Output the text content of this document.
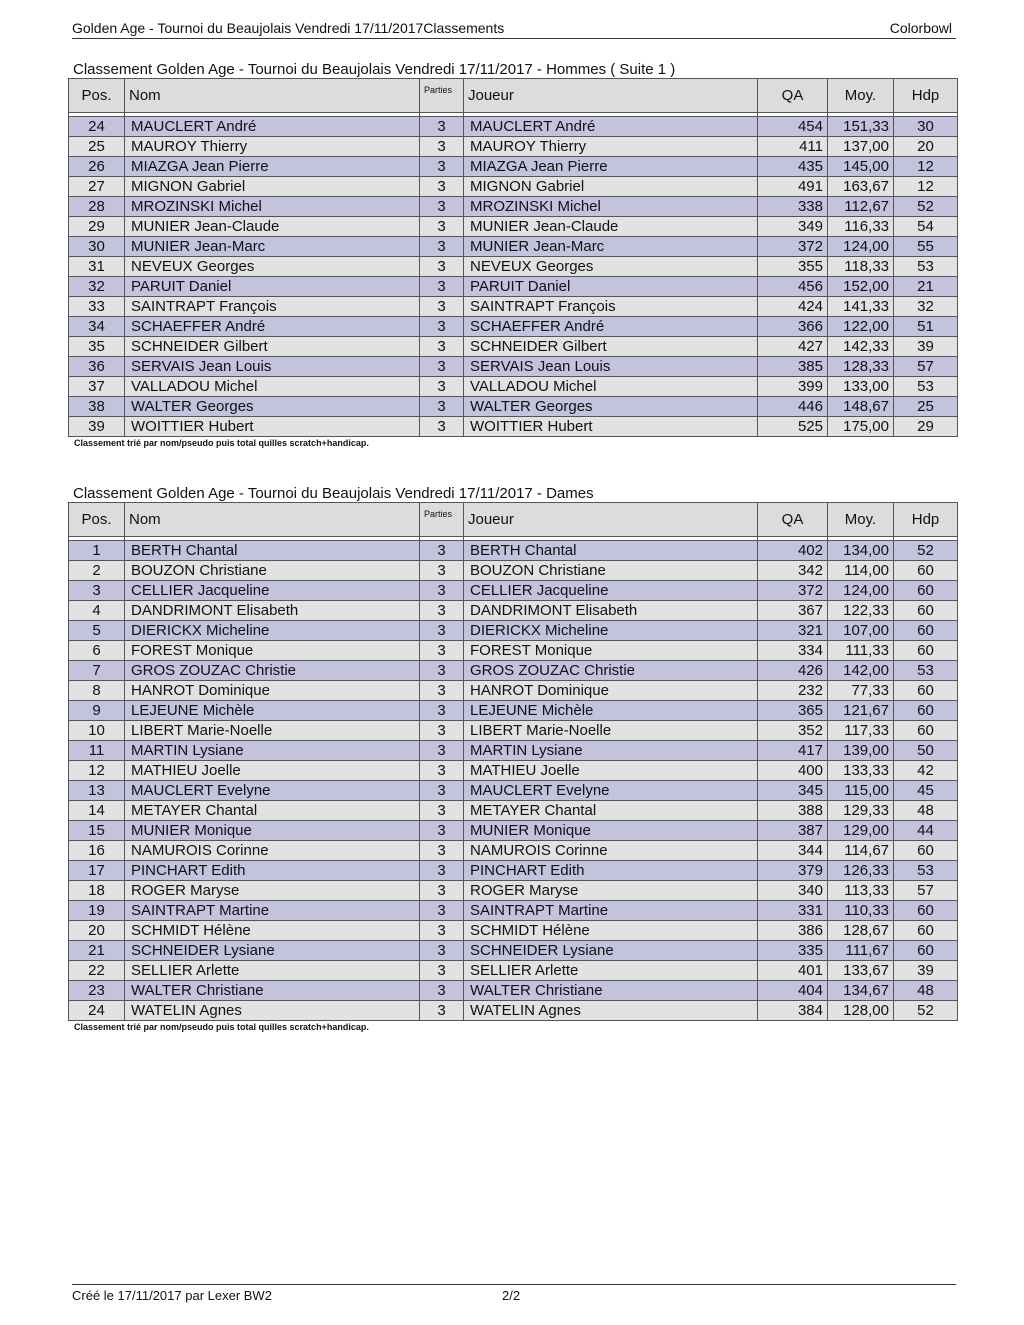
Golden Age - Tournoi du Beaujolais Vendredi 17/11/2017Classements	Colorbowl
Classement Golden Age - Tournoi du Beaujolais Vendredi 17/11/2017 - Hommes ( Suite 1 )
Pos.	Nom	Parties	Joueur	QA	Moy.	Hdp

24	MAUCLERT André	3	MAUCLERT André	454	151,33	30
25	MAUROY Thierry	3	MAUROY Thierry	411	137,00	20
26	MIAZGA Jean Pierre	3	MIAZGA Jean Pierre	435	145,00	12
27	MIGNON Gabriel	3	MIGNON Gabriel	491	163,67	12
28	MROZINSKI Michel	3	MROZINSKI Michel	338	112,67	52
29	MUNIER Jean-Claude	3	MUNIER Jean-Claude	349	116,33	54
30	MUNIER Jean-Marc	3	MUNIER Jean-Marc	372	124,00	55
31	NEVEUX Georges	3	NEVEUX Georges	355	118,33	53
32	PARUIT Daniel	3	PARUIT Daniel	456	152,00	21
33	SAINTRAPT François	3	SAINTRAPT François	424	141,33	32
34	SCHAEFFER André	3	SCHAEFFER André	366	122,00	51
35	SCHNEIDER Gilbert	3	SCHNEIDER Gilbert	427	142,33	39
36	SERVAIS Jean Louis	3	SERVAIS Jean Louis	385	128,33	57
37	VALLADOU Michel	3	VALLADOU Michel	399	133,00	53
38	WALTER Georges	3	WALTER Georges	446	148,67	25
39	WOITTIER Hubert	3	WOITTIER Hubert	525	175,00	29
Classement trié par nom/pseudo puis total quilles scratch+handicap.
Classement Golden Age - Tournoi du Beaujolais Vendredi 17/11/2017 - Dames
Pos.	Nom	Parties	Joueur	QA	Moy.	Hdp

1	BERTH Chantal	3	BERTH Chantal	402	134,00	52
2	BOUZON Christiane	3	BOUZON Christiane	342	114,00	60
3	CELLIER Jacqueline	3	CELLIER Jacqueline	372	124,00	60
4	DANDRIMONT Elisabeth	3	DANDRIMONT Elisabeth	367	122,33	60
5	DIERICKX Micheline	3	DIERICKX Micheline	321	107,00	60
6	FOREST Monique	3	FOREST Monique	334	111,33	60
7	GROS ZOUZAC Christie	3	GROS ZOUZAC Christie	426	142,00	53
8	HANROT Dominique	3	HANROT Dominique	232	77,33	60
9	LEJEUNE Michèle	3	LEJEUNE Michèle	365	121,67	60
10	LIBERT Marie-Noelle	3	LIBERT Marie-Noelle	352	117,33	60
11	MARTIN Lysiane	3	MARTIN Lysiane	417	139,00	50
12	MATHIEU Joelle	3	MATHIEU Joelle	400	133,33	42
13	MAUCLERT Evelyne	3	MAUCLERT Evelyne	345	115,00	45
14	METAYER Chantal	3	METAYER Chantal	388	129,33	48
15	MUNIER Monique	3	MUNIER Monique	387	129,00	44
16	NAMUROIS Corinne	3	NAMUROIS Corinne	344	114,67	60
17	PINCHART Edith	3	PINCHART Edith	379	126,33	53
18	ROGER Maryse	3	ROGER Maryse	340	113,33	57
19	SAINTRAPT Martine	3	SAINTRAPT Martine	331	110,33	60
20	SCHMIDT Hélène	3	SCHMIDT Hélène	386	128,67	60
21	SCHNEIDER Lysiane	3	SCHNEIDER Lysiane	335	111,67	60
22	SELLIER Arlette	3	SELLIER Arlette	401	133,67	39
23	WALTER Christiane	3	WALTER Christiane	404	134,67	48
24	WATELIN Agnes	3	WATELIN Agnes	384	128,00	52
Classement trié par nom/pseudo puis total quilles scratch+handicap.
Créé le 17/11/2017 par Lexer BW2	2/2
